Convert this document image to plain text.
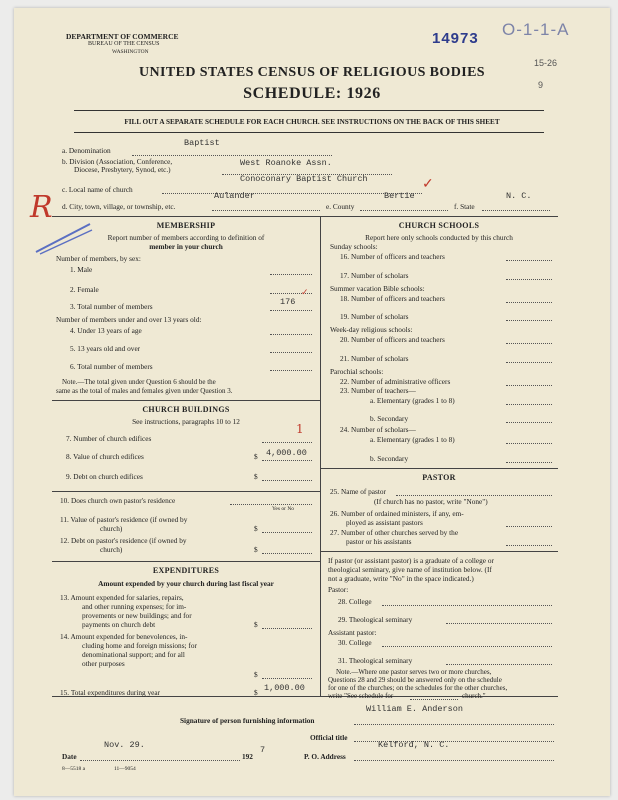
DEPARTMENT OF COMMERCE
BUREAU OF THE CENSUS
WASHINGTON
14973 O-1-1-A
15-26
9
UNITED STATES CENSUS OF RELIGIOUS BODIES
SCHEDULE: 1926
FILL OUT A SEPARATE SCHEDULE FOR EACH CHURCH. SEE INSTRUCTIONS ON THE BACK OF THIS SHEET
R
a. Denomination
Baptist
b. Division (Association, Conference,
Diocese, Presbytery, Synod, etc.)
West Roanoke Assn.
Conoconary Baptist Church
c. Local name of church
Aulander	Bertie
✓
N. C.
d. City, town, village, or township, etc.	e. County	f. State
MEMBERSHIP
Report number of members according to definition of
member in your church
Number of members, by sex:
1. Male
2. Female
3. Total number of members	176
✓
Number of members under and over 13 years old:
4. Under 13 years of age
5. 13 years old and over
6. Total number of members
Note.—The total given under Question 6 should be the
same as the total of males and females given under Question 3.
CHURCH BUILDINGS
See instructions, paragraphs 10 to 12
7. Number of church edifices
1
8. Value of church edifices	$ 4,000.00
9. Debt on church edifices	$
10. Does church own pastor's residence
Yes or No
11. Value of pastor's residence (if owned by
church)	$
12. Debt on pastor's residence (if owned by
church)	$
EXPENDITURES
Amount expended by your church during last fiscal year
13. Amount expended for salaries, repairs,
and other running expenses; for im-
provements or new buildings; and for
payments on church debt	$
14. Amount expended for benevolences, in-
cluding home and foreign missions; for
denominational support; and for all
other purposes
$
15. Total expenditures during year	$ 1,000.00
CHURCH SCHOOLS
Report here only schools conducted by this church
Sunday schools:
16. Number of officers and teachers
17. Number of scholars
Summer vacation Bible schools:
18. Number of officers and teachers
19. Number of scholars
Week-day religious schools:
20. Number of officers and teachers
21. Number of scholars
Parochial schools:
22. Number of administrative officers
23. Number of teachers—
a. Elementary (grades 1 to 8)
b. Secondary
24. Number of scholars—
a. Elementary (grades 1 to 8)
b. Secondary
PASTOR
25. Name of pastor
(If church has no pastor, write "None")
26. Number of ordained ministers, if any, em-
ployed as assistant pastors
27. Number of other churches served by the
pastor or his assistants
If pastor (or assistant pastor) is a graduate of a college or
theological seminary, give name of institution below. (If
not a graduate, write "No" in the space indicated.)
Pastor:
28. College
29. Theological seminary
Assistant pastor:
30. College
31. Theological seminary
Note.—Where one pastor serves two or more churches,
Questions 28 and 29 should be answered only on the schedule
for one of the churches; on the schedules for the other churches,
write "See schedule for	church."
William E. Anderson
Signature of person furnishing information
Official title
Nov. 29.	Kelford, N. C.
Date	192
7
P. O. Address
8—5518 a	11—9054
